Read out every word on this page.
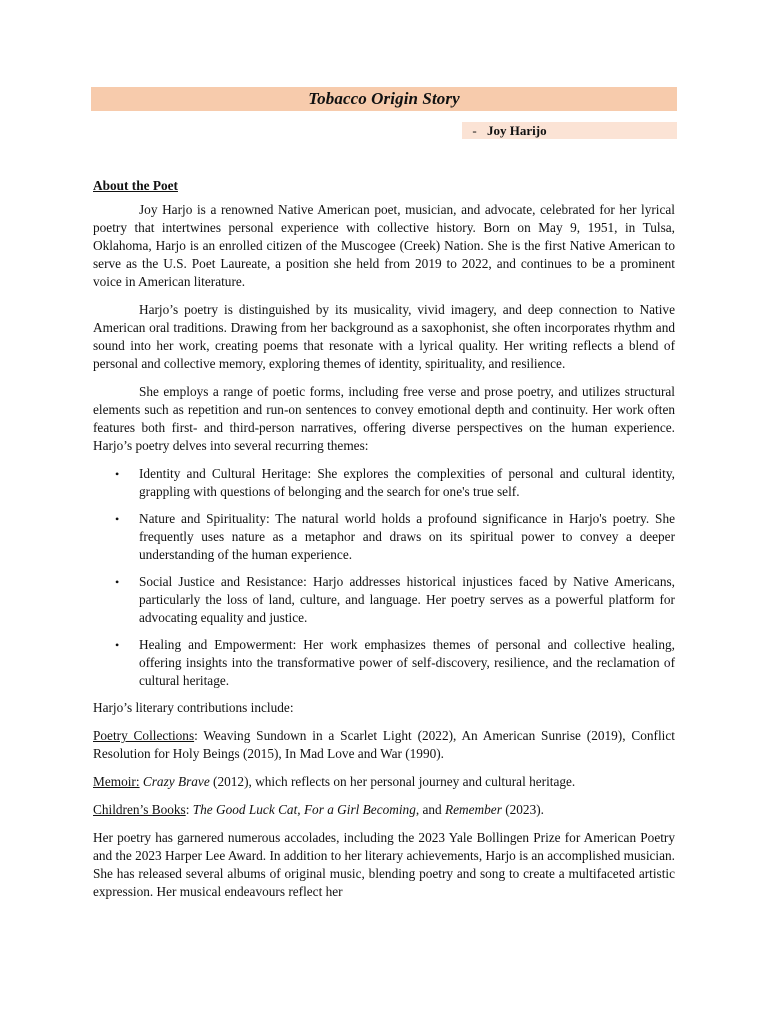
Tobacco Origin Story
- Joy Harijo
About the Poet

Joy Harjo is a renowned Native American poet, musician, and advocate, celebrated for her lyrical poetry that intertwines personal experience with collective history. Born on May 9, 1951, in Tulsa, Oklahoma, Harjo is an enrolled citizen of the Muscogee (Creek) Nation. She is the first Native American to serve as the U.S. Poet Laureate, a position she held from 2019 to 2022, and continues to be a prominent voice in American literature.

Harjo’s poetry is distinguished by its musicality, vivid imagery, and deep connection to Native American oral traditions. Drawing from her background as a saxophonist, she often incorporates rhythm and sound into her work, creating poems that resonate with a lyrical quality. Her writing reflects a blend of personal and collective memory, exploring themes of identity, spirituality, and resilience.

She employs a range of poetic forms, including free verse and prose poetry, and utilizes structural elements such as repetition and run-on sentences to convey emotional depth and continuity. Her work often features both first- and third-person narratives, offering diverse perspectives on the human experience. Harjo’s poetry delves into several recurring themes:

• Identity and Cultural Heritage: She explores the complexities of personal and cultural identity, grappling with questions of belonging and the search for one's true self.
• Nature and Spirituality: The natural world holds a profound significance in Harjo's poetry. She frequently uses nature as a metaphor and draws on its spiritual power to convey a deeper understanding of the human experience.
• Social Justice and Resistance: Harjo addresses historical injustices faced by Native Americans, particularly the loss of land, culture, and language. Her poetry serves as a powerful platform for advocating equality and justice.
• Healing and Empowerment: Her work emphasizes themes of personal and collective healing, offering insights into the transformative power of self-discovery, resilience, and the reclamation of cultural heritage.

Harjo’s literary contributions include:

Poetry Collections: Weaving Sundown in a Scarlet Light (2022), An American Sunrise (2019), Conflict Resolution for Holy Beings (2015), In Mad Love and War (1990).

Memoir: Crazy Brave (2012), which reflects on her personal journey and cultural heritage.

Children’s Books: The Good Luck Cat, For a Girl Becoming, and Remember (2023).

Her poetry has garnered numerous accolades, including the 2023 Yale Bollingen Prize for American Poetry and the 2023 Harper Lee Award. In addition to her literary achievements, Harjo is an accomplished musician. She has released several albums of original music, blending poetry and song to create a multifaceted artistic expression. Her musical endeavours reflect her
